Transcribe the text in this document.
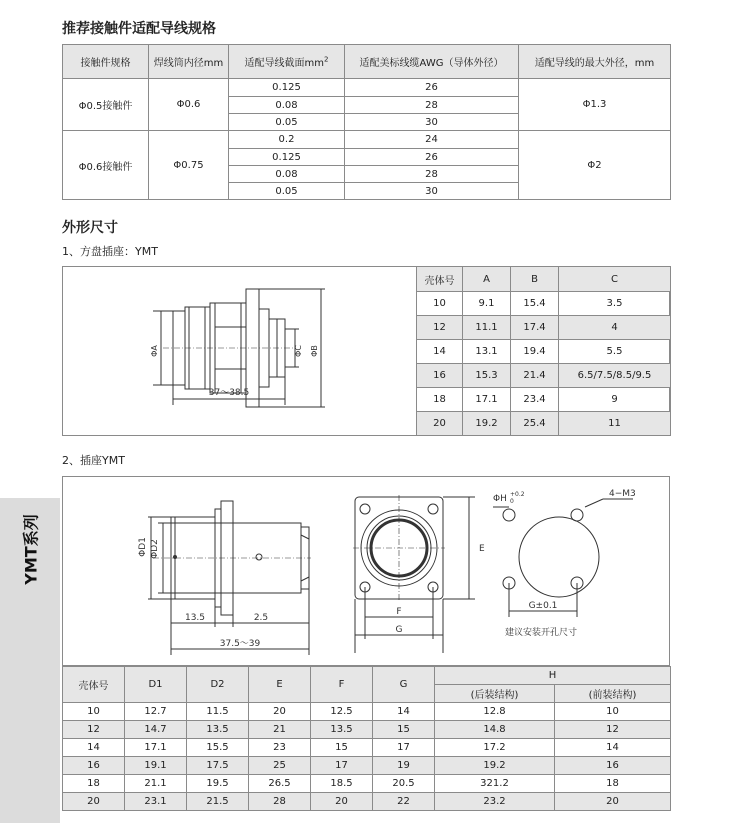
推荐接触件适配导线规格
接触件规格	焊线筒内径mm	适配导线截面$mm^2$	适配美标线缆AWG（导体外径）	适配导线的最大外径，mm
Φ0.5接触件	Φ0.6	0.125	26	Φ1.3
		0.08	28	
		0.05	30	
Φ0.6接触件	Φ0.75	0.2	24	Φ2
		0.125	26	
		0.08	28	
		0.05	30	
外形尺寸
1、方盘插座：YMT
ΦA	ΦC ΦB
37～38.5
壳体号	A	B	C
10	9.1	15.4	3.5
12	11.1	17.4	4
14	13.1	19.4	5.5
16	15.3	21.4	6.5/7.5/8.5/9.5
18	17.1	23.4	9
20	19.2	25.4	11
YMT系列
2、插座YMT
ΦD1 ΦD2
13.5	2.5
37.5～39
F
G
E
ΦH +0.2
0
4−M3
G±0.1
建议安装开孔尺寸
壳体号	D1	D2	E	F	G	H	
						(后装结构)	(前装结构)
10	12.7	11.5	20	12.5	14	12.8	10
12	14.7	13.5	21	13.5	15	14.8	12
14	17.1	15.5	23	15	17	17.2	14
16	19.1	17.5	25	17	19	19.2	16
18	21.1	19.5	26.5	18.5	20.5	321.2	18
20	23.1	21.5	28	20	22	23.2	20
